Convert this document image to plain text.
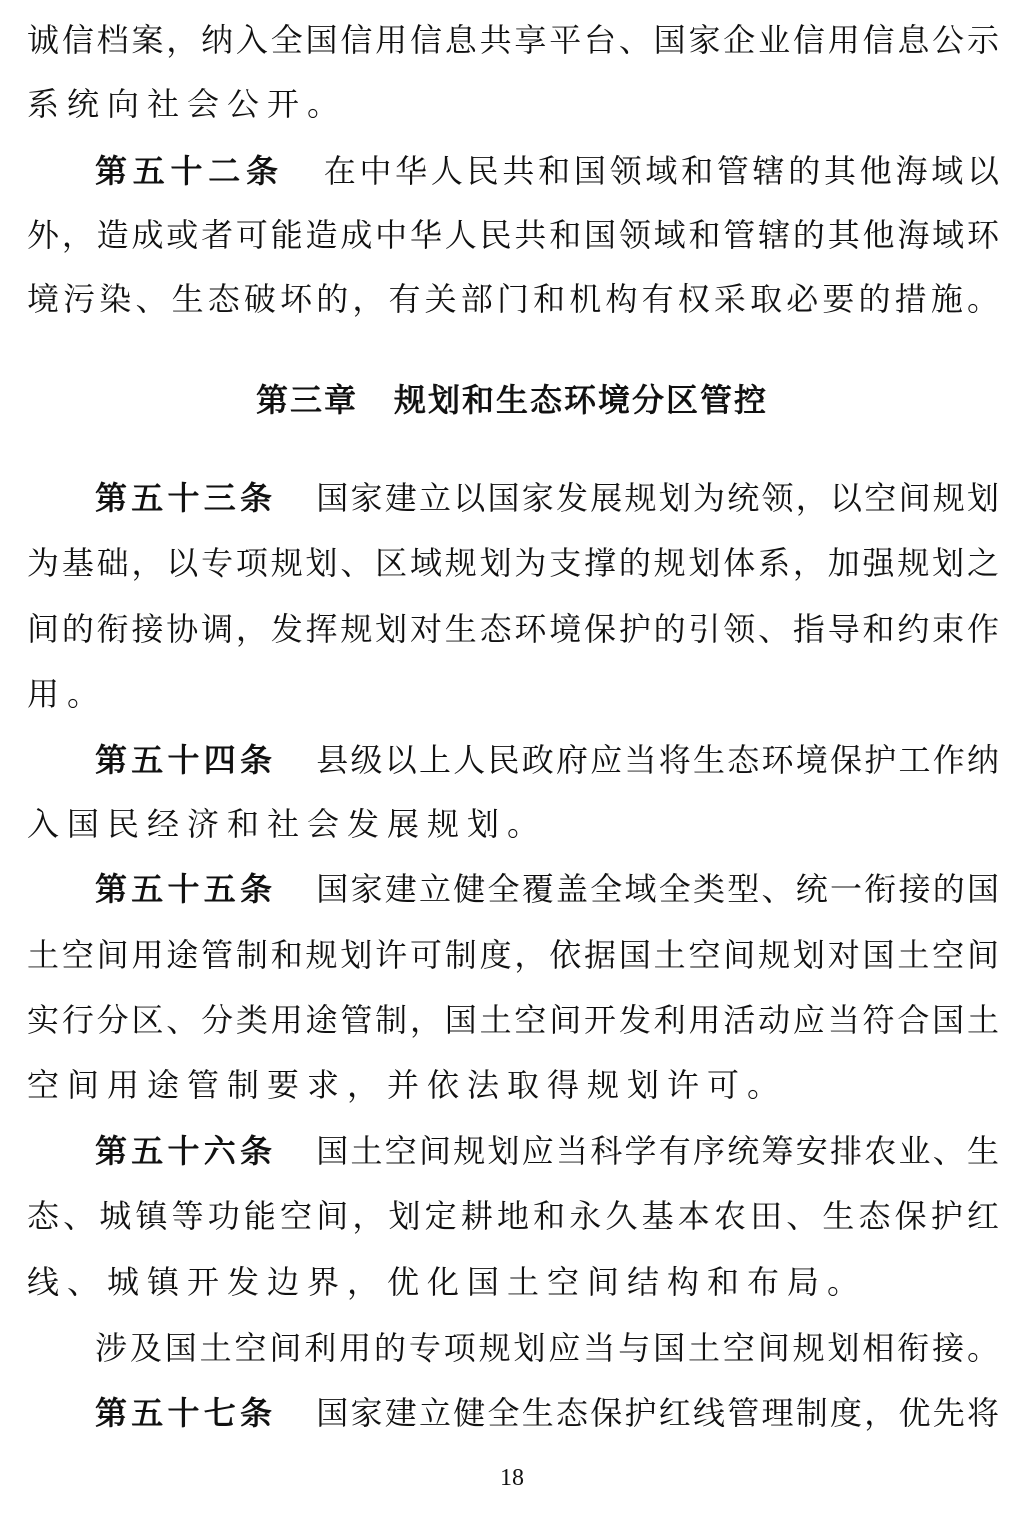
诚信档案，纳入全国信用信息共享平台、国家企业信用信息公示
系统向社会公开。
第五十二条 在中华人民共和国领域和管辖的其他海域以
外，造成或者可能造成中华人民共和国领域和管辖的其他海域环
境污染、生态破坏的，有关部门和机构有权采取必要的措施。
第三章 规划和生态环境分区管控
第五十三条 国家建立以国家发展规划为统领，以空间规划
为基础，以专项规划、区域规划为支撑的规划体系，加强规划之
间的衔接协调，发挥规划对生态环境保护的引领、指导和约束作
用。
第五十四条 县级以上人民政府应当将生态环境保护工作纳
入国民经济和社会发展规划。
第五十五条 国家建立健全覆盖全域全类型、统一衔接的国
土空间用途管制和规划许可制度，依据国土空间规划对国土空间
实行分区、分类用途管制，国土空间开发利用活动应当符合国土
空间用途管制要求，并依法取得规划许可。
第五十六条 国土空间规划应当科学有序统筹安排农业、生
态、城镇等功能空间，划定耕地和永久基本农田、生态保护红
线、城镇开发边界，优化国土空间结构和布局。
涉及国土空间利用的专项规划应当与国土空间规划相衔接。
第五十七条 国家建立健全生态保护红线管理制度，优先将
18
